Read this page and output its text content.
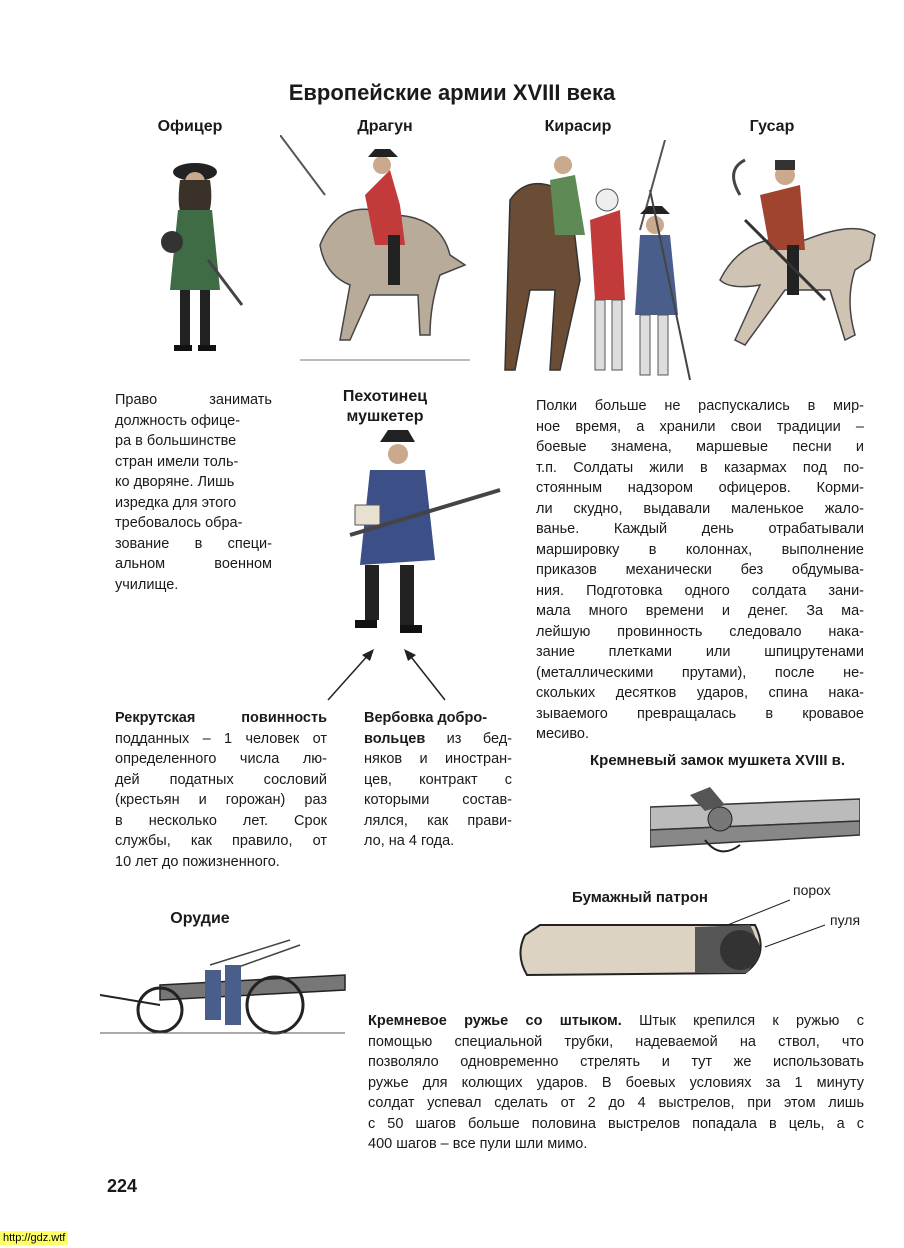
Европейские армии XVIII века
Офицер	Драгун	Кирасир	Гусар
Право занимать
должность офице-
ра в большинстве
стран имели толь-
ко дворяне. Лишь
изредка для этого
требовалось обра-
зование в специ-
альном военном
училище.
Пехотинец
мушкетер
Полки больше не распускались в мир-
ное время, а хранили свои традиции –
боевые знамена, маршевые песни и
т.п. Солдаты жили в казармах под по-
стоянным надзором офицеров. Корми-
ли скудно, выдавали маленькое жало-
ванье. Каждый день отрабатывали
маршировку в колоннах, выполнение
приказов механически без обдумыва-
ния. Подготовка одного солдата зани-
мала много времени и денег. За ма-
лейшую провинность следовало нака-
зание плетками или шпицрутенами
(металлическими прутами), после не-
скольких десятков ударов, спина нака-
зываемого превращалась в кровавое
месиво.
Рекрутская повинность
подданных – 1 человек от
определенного числа лю-
дей податных сословий
(крестьян и горожан) раз
в несколько лет. Срок
службы, как правило, от
10 лет до пожизненного.
Вербовка добро-
вольцев из бед-
няков и иностран-
цев, контракт с
которыми состав-
лялся, как прави-
ло, на 4 года.
Кремневый замок мушкета XVIII в.
Бумажный патрон	порох
пуля
Орудие
Кремневое ружье со штыком. Штык крепился к ружью с
помощью специальной трубки, надеваемой на ствол, что
позволяло одновременно стрелять и тут же использовать
ружье для колющих ударов. В боевых условиях за 1 минуту
солдат успевал сделать от 2 до 4 выстрелов, при этом лишь
с 50 шагов больше половина выстрелов попадала в цель, а с
400 шагов – все пули шли мимо.
224
http://gdz.wtf
